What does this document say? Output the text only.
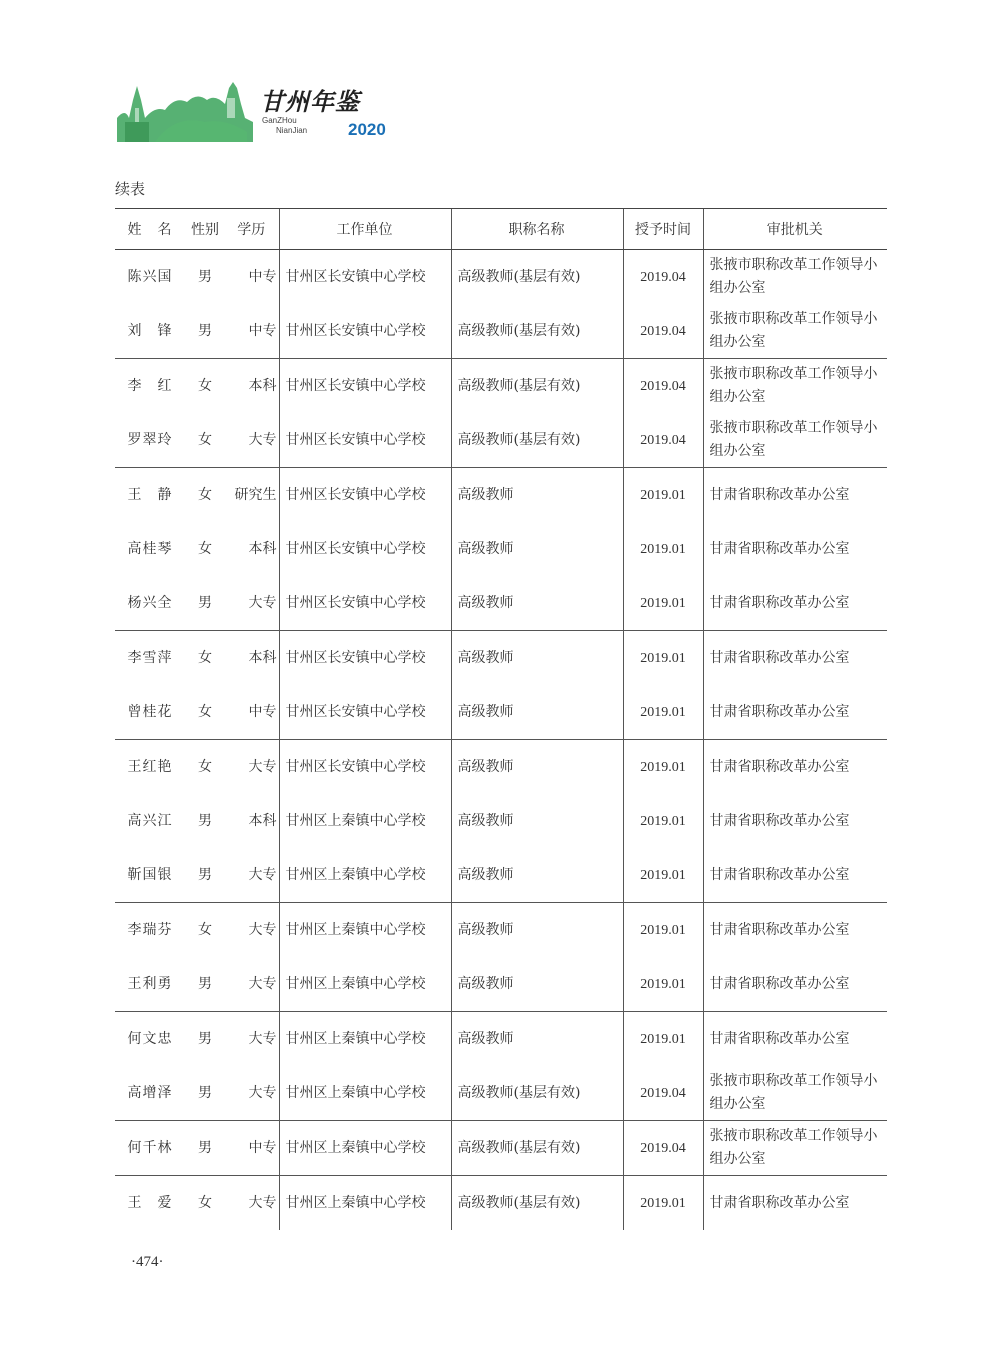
甘州年鉴
GanZHou
NianJian 2020
续表
姓　名	性别	学历	工作单位	职称名称	授予时间	审批机关
陈兴国	男	中专	甘州区长安镇中心学校	高级教师(基层有效)	2019.04	张掖市职称改革工作领导小组办公室
刘　锋	男	中专	甘州区长安镇中心学校	高级教师(基层有效)	2019.04	张掖市职称改革工作领导小组办公室
李　红	女	本科	甘州区长安镇中心学校	高级教师(基层有效)	2019.04	张掖市职称改革工作领导小组办公室
罗翠玲	女	大专	甘州区长安镇中心学校	高级教师(基层有效)	2019.04	张掖市职称改革工作领导小组办公室
王　静	女	研究生	甘州区长安镇中心学校	高级教师	2019.01	甘肃省职称改革办公室
高桂琴	女	本科	甘州区长安镇中心学校	高级教师	2019.01	甘肃省职称改革办公室
杨兴全	男	大专	甘州区长安镇中心学校	高级教师	2019.01	甘肃省职称改革办公室
李雪萍	女	本科	甘州区长安镇中心学校	高级教师	2019.01	甘肃省职称改革办公室
曾桂花	女	中专	甘州区长安镇中心学校	高级教师	2019.01	甘肃省职称改革办公室
王红艳	女	大专	甘州区长安镇中心学校	高级教师	2019.01	甘肃省职称改革办公室
高兴江	男	本科	甘州区上秦镇中心学校	高级教师	2019.01	甘肃省职称改革办公室
靳国银	男	大专	甘州区上秦镇中心学校	高级教师	2019.01	甘肃省职称改革办公室
李瑞芬	女	大专	甘州区上秦镇中心学校	高级教师	2019.01	甘肃省职称改革办公室
王利勇	男	大专	甘州区上秦镇中心学校	高级教师	2019.01	甘肃省职称改革办公室
何文忠	男	大专	甘州区上秦镇中心学校	高级教师	2019.01	甘肃省职称改革办公室
高增泽	男	大专	甘州区上秦镇中心学校	高级教师(基层有效)	2019.04	张掖市职称改革工作领导小组办公室
何千林	男	中专	甘州区上秦镇中心学校	高级教师(基层有效)	2019.04	张掖市职称改革工作领导小组办公室
王　爱	女	大专	甘州区上秦镇中心学校	高级教师(基层有效)	2019.01	甘肃省职称改革办公室
·474·
